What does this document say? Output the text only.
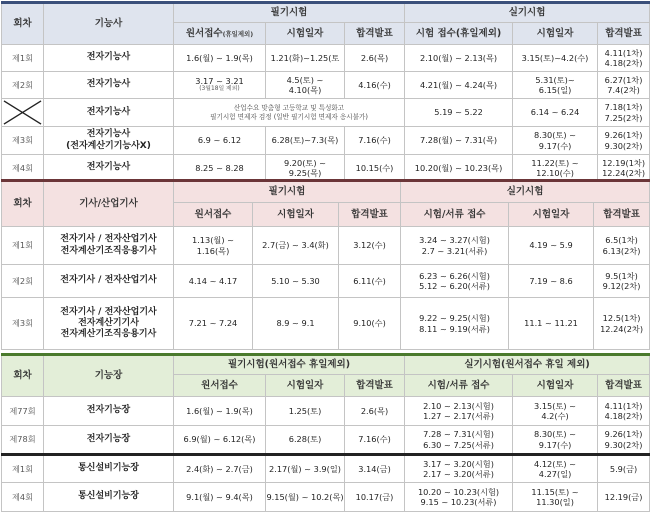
회차	기능사	필기시험			실기시험		
		원서접수(휴일제외)	시험일자	합격발표	시험 접수(휴일제외)	시험일자	합격발표
제1회	전자기능사	1.6(월) ~ 1.9(목)	1.21(화)~1.25(토	2.6(목)	2.10(월) ~ 2.13(목)	3.15(토)~4.2(수)	4.11(1차)
4.18(2차)

제2회	전자기능사	3.17 ~ 3.21
(3월18일 제외)	4.5(토) ~
4.10(목)	4.16(수)	4.21(월) ~ 4.24(목)	5.31(토)~
6.15(일)	6.27(1차)
7.4(2차)

	전자기능사	산업수요 맞춤형 고등학교 및 특성화고
필기시험 면제자 검정 (일반 필기시험 면제자 응시불가)			5.19 ~ 5.22	6.14 ~ 6.24	7.18(1차)
7.25(2차)

제3회	전자기능사
(전자계산기기능사X)	6.9 ~ 6.12	6.28(토)~7.3(목)	7.16(수)	7.28(월) ~ 7.31(목)	8.30(토) ~
9.17(수)	9.26(1차)
9.30(2차)

제4회	전자기능사	8.25 ~ 8.28	9.20(토) ~
9.25(목)	10.15(수)	10.20(월) ~ 10.23(목)	11.22(토) ~
12.10(수)	12.19(1차)
12.24(2차)
회차	기사/산업기사	필기시험			실기시험		
		원서접수	시험일자	합격발표	시험/서류 접수	시험일자	합격발표
제1회	전자기사 / 전자산업기사
전자계산기조직응용기사	1.13(월) ~
1.16(목)	2.7(금) ~ 3.4(화)	3.12(수)	3.24 ~ 3.27(시험)
2.7 ~ 3.21(서류)	4.19 ~ 5.9	6.5(1차)
6.13(2차)

제2회	전자기사 / 전자산업기사	4.14 ~ 4.17	5.10 ~ 5.30	6.11(수)	6.23 ~ 6.26(시험)
5.12 ~ 6.20(서류)	7.19 ~ 8.6	9.5(1차)
9.12(2차)

제3회	전자기사 / 전자산업기사
전자계산기기사
전자계산기조직응용기사	7.21 ~ 7.24	8.9 ~ 9.1	9.10(수)	9.22 ~ 9.25(시험)
8.11 ~ 9.19(서류)	11.1 ~ 11.21	12.5(1차)
12.24(2차)
회차	기능장	필기시험(원서접수 휴일제외)			실기시험(원서접수 휴일 제외)		
		원서접수	시험일자	합격발표	시험/서류 접수	시험일자	합격발표
제77회	전자기능장	1.6(월) ~ 1.9(목)	1.25(토)	2.6(목)	2.10 ~ 2.13(시험)
1.27 ~ 2.17(서류)	3.15(토) ~
4.2(수)	4.11(1차)
4.18(2차)

제78회	전자기능장	6.9(월) ~ 6.12(목)	6.28(토)	7.16(수)	7.28 ~ 7.31(시험)
6.30 ~ 7.25(서류)	8.30(토) ~
9.17(수)	9.26(1차)
9.30(2차)

제1회	통신설비기능장	2.4(화) ~ 2.7(금)	2.17(월) ~ 3.9(일)	3.14(금)	3.17 ~ 3.20(시험)
2.17 ~ 3.20(서류)	4.12(토) ~
4.27(일)	5.9(금)
제4회	통신설비기능장	9.1(월) ~ 9.4(목)	9.15(월) ~ 10.2(목)	10.17(금)	10.20 ~ 10.23(시험)
9.15 ~ 10.23(서류)	11.15(토) ~
11.30(일)	12.19(금)
